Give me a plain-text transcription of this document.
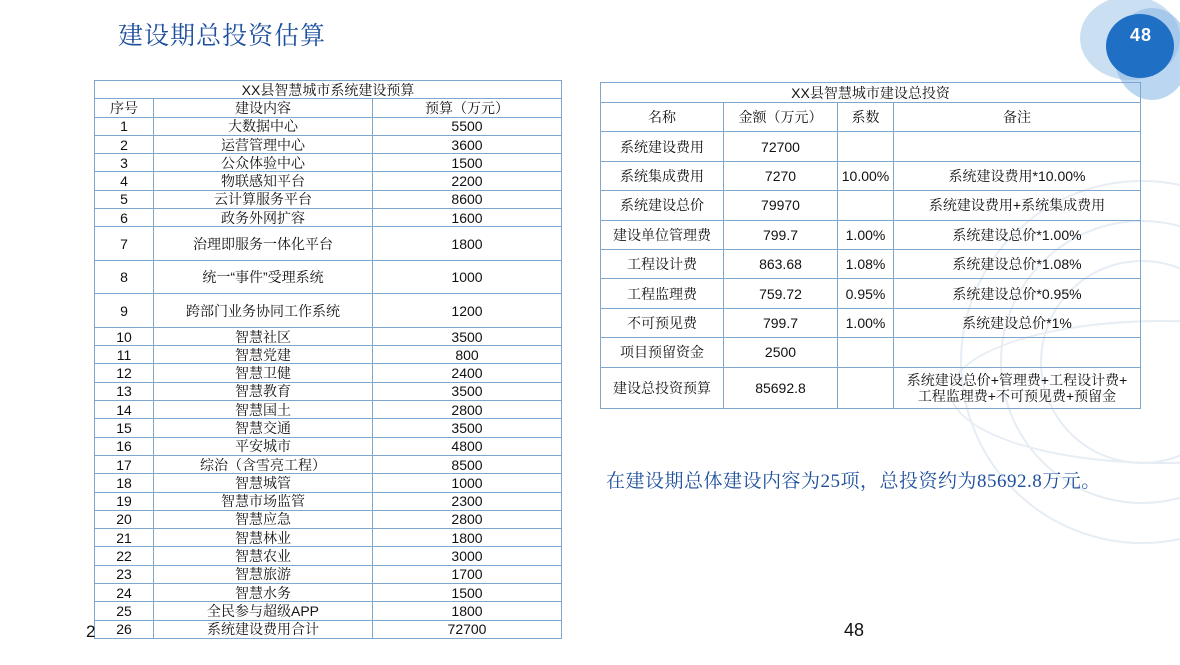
48
建设期总投资估算
XX县智慧城市系统建设预算		
序号	建设内容	预算（万元）
1	大数据中心	5500
2	运营管理中心	3600
3	公众体验中心	1500
4	物联感知平台	2200
5	云计算服务平台	8600
6	政务外网扩容	1600
7	治理即服务一体化平台	1800
8	统一“事件”受理系统	1000
9	跨部门业务协同工作系统	1200
10	智慧社区	3500
11	智慧党建	800
12	智慧卫健	2400
13	智慧教育	3500
14	智慧国土	2800
15	智慧交通	3500
16	平安城市	4800
17	综治（含雪亮工程）	8500
18	智慧城管	1000
19	智慧市场监管	2300
20	智慧应急	2800
21	智慧林业	1800
22	智慧农业	3000
23	智慧旅游	1700
24	智慧水务	1500
25	全民参与超级APP	1800
26	系统建设费用合计	72700
XX县智慧城市建设总投资			
名称	金额（万元）	系数	备注
系统建设费用	72700		
系统集成费用	7270	10.00%	系统建设费用*10.00%
系统建设总价	79970		系统建设费用+系统集成费用
建设单位管理费	799.7	1.00%	系统建设总价*1.00%
工程设计费	863.68	1.08%	系统建设总价*1.08%
工程监理费	759.72	0.95%	系统建设总价*0.95%
不可预见费	799.7	1.00%	系统建设总价*1%
项目预留资金	2500		
建设总投资预算	85692.8		系统建设总价+管理费+工程设计费+
工程监理费+不可预见费+预留金
在建设期总体建设内容为25项，总投资约为85692.8万元。
2	48
